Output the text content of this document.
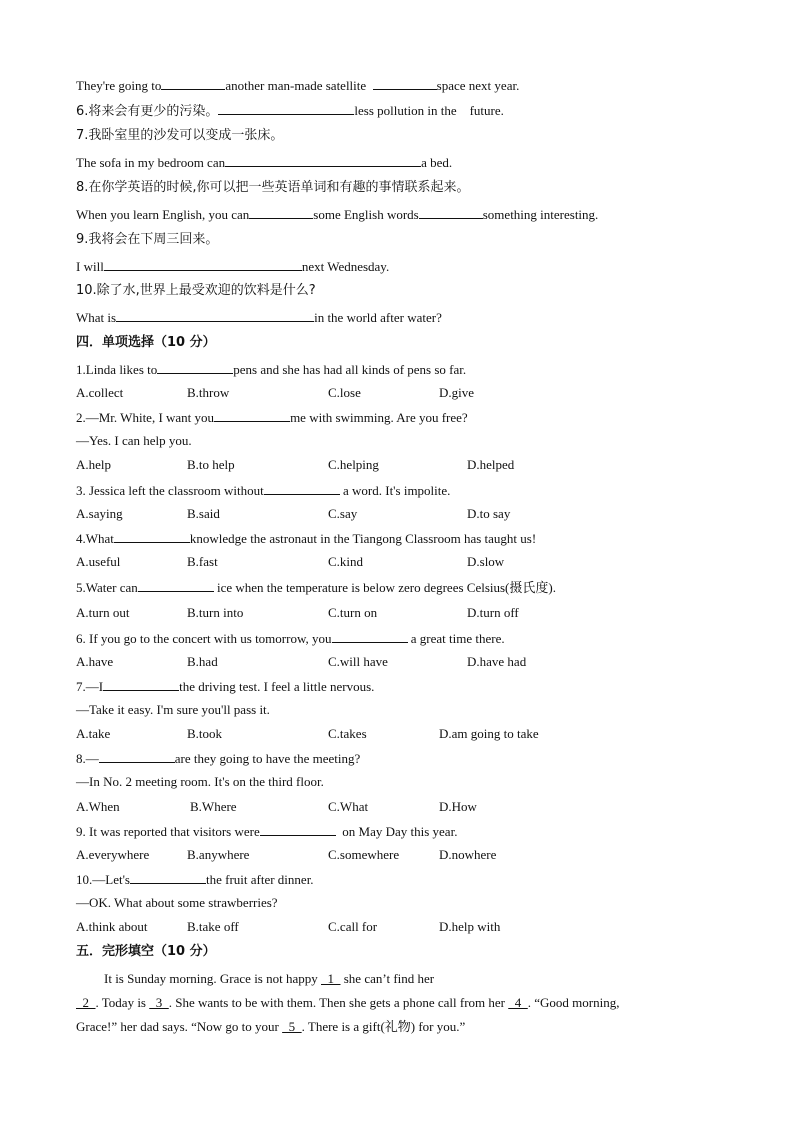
They're going to	another man-made satellite	space next year.
6.将来会有更少的污染。	less pollution in the    future.
7.我卧室里的沙发可以变成一张床。
The sofa in my bedroom can	a bed.
8.在你学英语的时候,你可以把一些英语单词和有趣的事情联系起来。
When you learn English, you can	some English words	something interesting.
9.我将会在下周三回来。
I will	next Wednesday.
10.除了水,世界上最受欢迎的饮料是什么?
What is	in the world after water?
四．单项选择（10 分）
1.Linda likes to	pens and she has had all kinds of pens so far.
A.collect	B.throw	C.lose	D.give
2.—Mr. White, I want you	me with swimming. Are you free?
—Yes. I can help you.
A.help	B.to help	C.helping	D.helped
3. Jessica left the classroom without	a word. It's impolite.
A.saying	B.said	C.say	D.to say
4.What	knowledge the astronaut in the Tiangong Classroom has taught us!
A.useful	B.fast	C.kind	D.slow
5.Water can	ice when the temperature is below zero degrees Celsius(摄氏度).
A.turn out	B.turn into	C.turn on	D.turn off
6. If you go to the concert with us tomorrow, you	a great time there.
A.have	B.had	C.will have	D.have had
7.—I	the driving test. I feel a little nervous.
—Take it easy. I'm sure you'll pass it.
A.take	B.took	C.takes	D.am going to take
8.—	are they going to have the meeting?
—In No. 2 meeting room. It's on the third floor.
A.When	B.Where	C.What	D.How
9. It was reported that visitors were	on May Day this year.
A.everywhere	B.anywhere	C.somewhere	D.nowhere
10.—Let's	the fruit after dinner.
—OK. What about some strawberries?
A.think about	B.take off	C.call for	D.help with
五．完形填空（10 分）
It is Sunday morning. Grace is not happy   1   she can’t find her
2  . Today is   3  . She wants to be with them. Then she gets a phone call from her   4  . “Good morning,
Grace!” her dad says. “Now go to your   5  . There is a gift(礼物) for you.”
